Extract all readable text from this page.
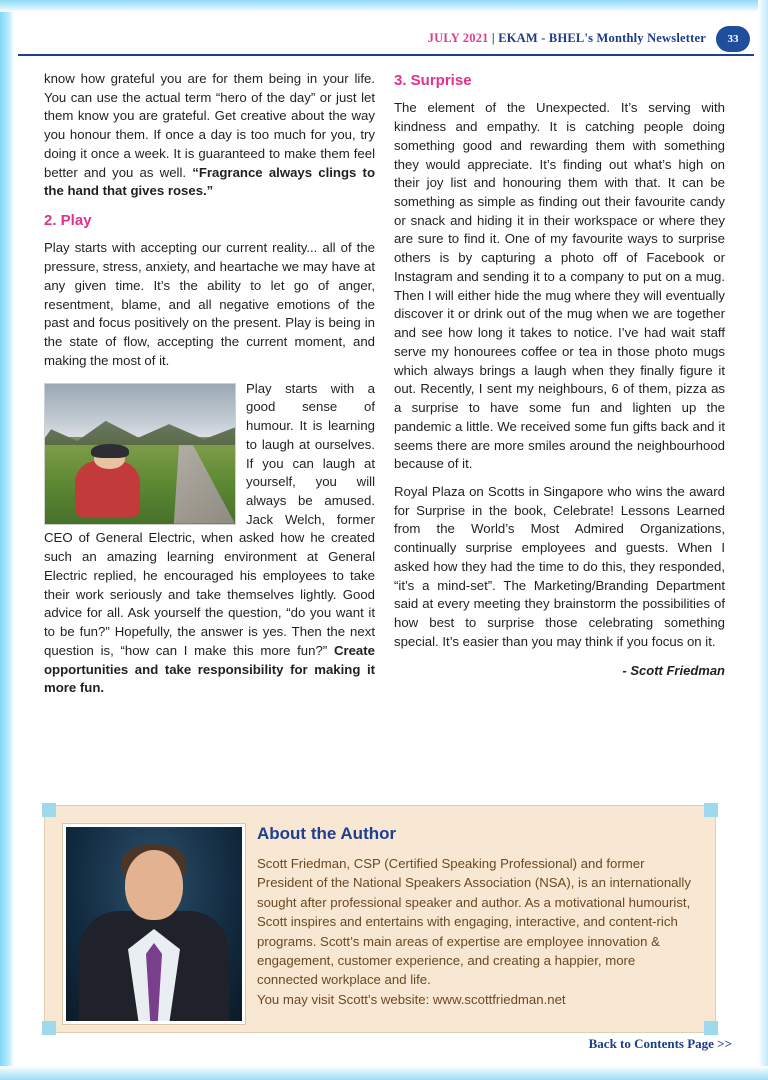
JULY 2021 | EKAM - BHEL's Monthly Newsletter	33

know how grateful you are for them being in your life. You can use the actual term “hero of the day” or just let them know you are grateful. Get creative about the way you honour them. If once a day is too much for you, try doing it once a week. It is guaranteed to make them feel better and you as well. “Fragrance always clings to the hand that gives roses.”

2. Play

Play starts with accepting our current reality... all of the pressure, stress, anxiety, and heartache we may have at any given time. It’s the ability to let go of anger, resentment, blame, and all negative emotions of the past and focus positively on the present. Play is being in the state of flow, accepting the current moment, and making the most of it.

Play starts with a good sense of humour. It is learning to laugh at ourselves. If you can laugh at yourself, you will always be amused. Jack Welch, former CEO of General Electric, when asked how he created such an amazing learning environment at General Electric replied, he encouraged his employees to take their work seriously and take themselves lightly. Good advice for all. Ask yourself the question, “do you want it to be fun?” Hopefully, the answer is yes. Then the next question is, “how can I make this more fun?” Create opportunities and take responsibility for making it more fun.

3. Surprise

The element of the Unexpected. It’s serving with kindness and empathy. It is catching people doing something good and rewarding them with something they would appreciate. It’s finding out what’s high on their joy list and honouring them with that. It can be something as simple as finding out their favourite candy or snack and hiding it in their workspace or where they are sure to find it. One of my favourite ways to surprise others is by capturing a photo off of Facebook or Instagram and sending it to a company to put on a mug. Then I will either hide the mug where they will eventually discover it or drink out of the mug when we are together and see how long it takes to notice. I’ve had wait staff serve my honourees coffee or tea in those photo mugs which always brings a laugh when they finally figure it out. Recently, I sent my neighbours, 6 of them, pizza as a surprise to have some fun and lighten up the pandemic a little. We received some fun gifts back and it seems there are more smiles around the neighbourhood because of it.

Royal Plaza on Scotts in Singapore who wins the award for Surprise in the book, Celebrate! Lessons Learned from the World’s Most Admired Organizations, continually surprise employees and guests. When I asked how they had the time to do this, they responded, “it’s a mind-set”. The Marketing/Branding Department said at every meeting they brainstorm the possibilities of how best to surprise those celebrating something special. It’s easier than you may think if you focus on it.

- Scott Friedman
About the Author

Scott Friedman, CSP (Certified Speaking Professional) and former President of the National Speakers Association (NSA), is an internationally sought after professional speaker and author. As a motivational humourist, Scott inspires and entertains with engaging, interactive, and content-rich programs. Scott’s main areas of expertise are employee innovation & engagement, customer experience, and creating a happier, more connected workplace and life.

You may visit Scott’s website: www.scottfriedman.net

Back to Contents Page >>
